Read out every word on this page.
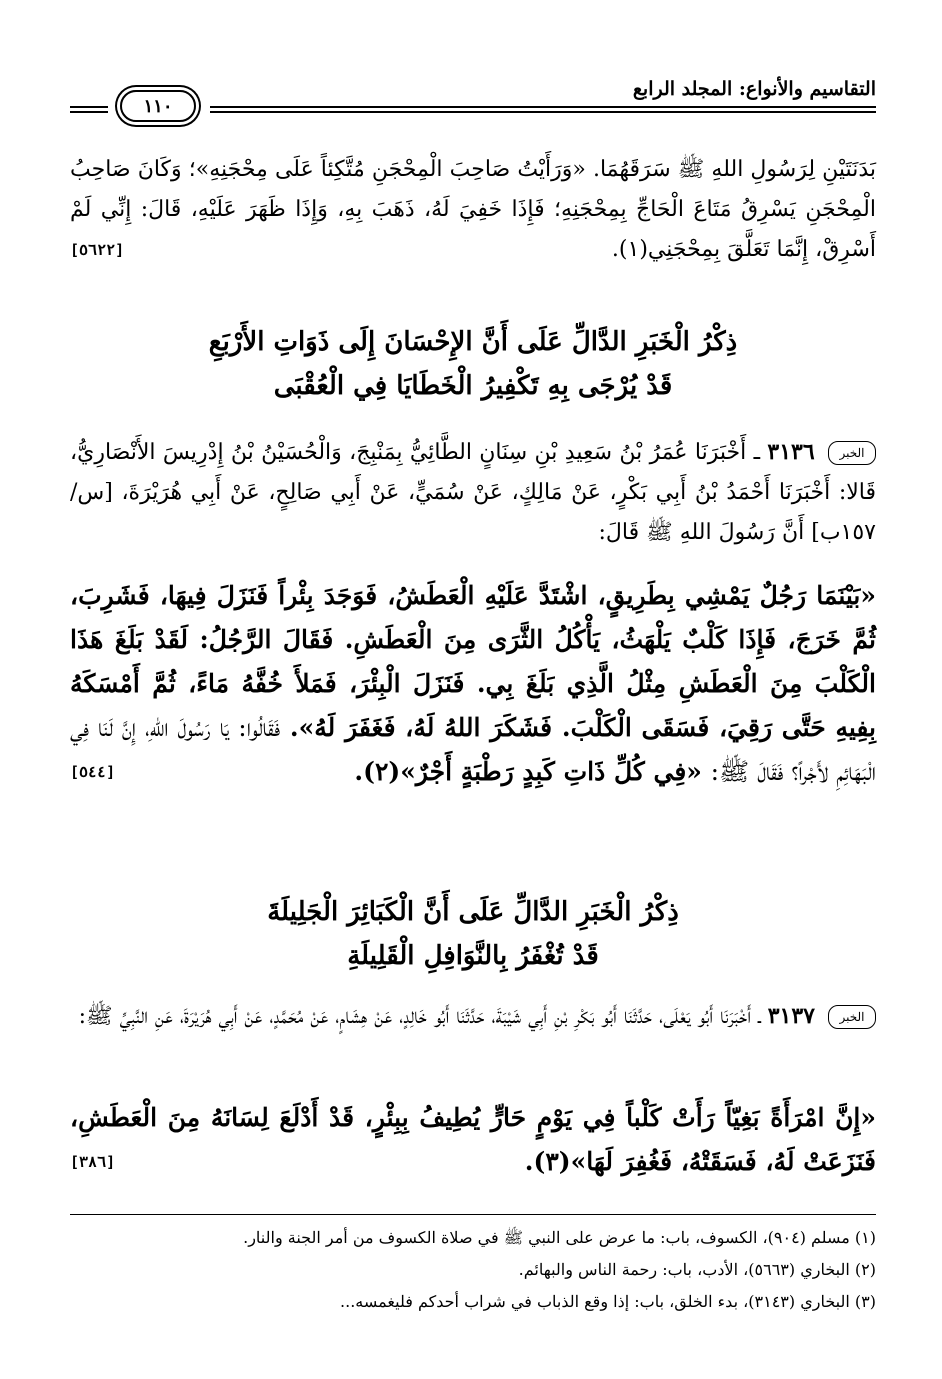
التقاسيم والأنواع: المجلد الرابع
١١٠
بَدَنَتَيْنِ لِرَسُولِ اللهِ ﷺ سَرَقَهُمَا. «وَرَأَيْتُ صَاحِبَ الْمِحْجَنِ مُتَّكِئاً عَلَى مِحْجَنِهِ»؛ وَكَانَ صَاحِبُ الْمِحْجَنِ يَسْرِقُ مَتَاعَ الْحَاجِّ بِمِحْجَنِهِ؛ فَإِذَا خَفِيَ لَهُ، ذَهَبَ بِهِ، وَإِذَا ظَهَرَ عَلَيْهِ، قَالَ: إِنِّي لَمْ أَسْرِقْ، إِنَّمَا تَعَلَّقَ بِمِحْجَنِي(١).
[٥٦٢٢]
ذِكْرُ الْخَبَرِ الدَّالِّ عَلَى أَنَّ الإِحْسَانَ إِلَى ذَوَاتِ الأَرْبَعِ
قَدْ يُرْجَى بِهِ تَكْفِيرُ الْخَطَايَا فِي الْعُقْبَى
الخبر ٣١٣٦ ـ أَخْبَرَنَا عُمَرُ بْنُ سَعِيدِ بْنِ سِنَانٍ الطَّائِيُّ بِمَنْبِجَ، وَالْحُسَيْنُ بْنُ إِدْرِيسَ الأَنْصَارِيُّ، قَالا: أَخْبَرَنَا أَحْمَدُ بْنُ أَبِي بَكْرٍ، عَنْ مَالِكٍ، عَنْ سُمَيٍّ، عَنْ أَبِي صَالِحٍ، عَنْ أَبِي هُرَيْرَةَ، [س/١٥٧ب] أَنَّ رَسُولَ اللهِ ﷺ قَالَ:
«بَيْنَمَا رَجُلٌ يَمْشِي بِطَرِيقٍ، اشْتَدَّ عَلَيْهِ الْعَطَشُ، فَوَجَدَ بِئْراً فَنَزَلَ فِيهَا، فَشَرِبَ، ثُمَّ خَرَجَ، فَإِذَا كَلْبٌ يَلْهَثُ، يَأْكُلُ الثَّرَى مِنَ الْعَطَشِ. فَقَالَ الرَّجُلُ: لَقَدْ بَلَغَ هَذَا الْكَلْبَ مِنَ الْعَطَشِ مِثْلُ الَّذِي بَلَغَ بِي. فَنَزَلَ الْبِئْرَ، فَمَلأَ خُفَّهُ مَاءً، ثُمَّ أَمْسَكَهُ بِفِيهِ حَتَّى رَقِيَ، فَسَقَى الْكَلْبَ. فَشَكَرَ اللهُ لَهُ، فَغَفَرَ لَهُ». فَقَالُوا: يَا رَسُولَ اللهِ، إِنَّ لَنَا فِي الْبَهَائِمِ لأَجْراً؟ فَقَالَ ﷺ: «فِي كُلِّ ذَاتِ كَبِدٍ رَطْبَةٍ أَجْرٌ»(٢).
[٥٤٤]
ذِكْرُ الْخَبَرِ الدَّالِّ عَلَى أَنَّ الْكَبَائِرَ الْجَلِيلَةَ
قَدْ تُغْفَرُ بِالنَّوَافِلِ الْقَلِيلَةِ
الخبر ٣١٣٧ ـ أَخْبَرَنَا أَبُو يَعْلَى، حَدَّثَنَا أَبُو بَكْرِ بْنِ أَبِي شَيْبَةَ، حَدَّثَنَا أَبُو خَالِدٍ، عَنْ هِشَامٍ، عَنْ مُحَمَّدٍ، عَنْ أَبِي هُرَيْرَةَ، عَنِ النَّبِيِّ ﷺ:
«إِنَّ امْرَأَةً بَغِيّاً رَأَتْ كَلْباً فِي يَوْمٍ حَارٍّ يُطِيفُ بِبِئْرٍ، قَدْ أَدْلَعَ لِسَانَهُ مِنَ الْعَطَشِ، فَنَزَعَتْ لَهُ، فَسَقَتْهُ، فَغُفِرَ لَهَا»(٣).
[٣٨٦]
(١) مسلم (٩٠٤)، الكسوف، باب: ما عرض على النبي ﷺ في صلاة الكسوف من أمر الجنة والنار.
(٢) البخاري (٥٦٦٣)، الأدب، باب: رحمة الناس والبهائم.
(٣) البخاري (٣١٤٣)، بدء الخلق، باب: إذا وقع الذباب في شراب أحدكم فليغمسه...
